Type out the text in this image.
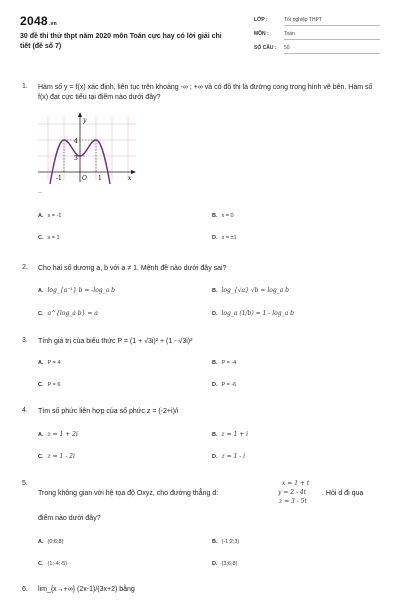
2048.vn
30 đề thi thử thpt năm 2020 môn Toán cực hay có lời giải chi tiết (đề số 7)
LỚP :	Tốt nghiệp THPT
MÔN :	Toán
SỐ CÂU :	50
1. Hàm số y = f(x) xác định, liên tục trên khoảng -∞ ; +∞ và có đồ thị là đường cong trong hình vẽ bên. Hàm số f(x) đạt cực tiểu tại điểm nào dưới đây?
y
x
O
4
3
-1	1
..
A. x = -1	B. x = 0
C. x = 1	D. x = ±1
2. Cho hai số dương a, b với a ≠ 1. Mệnh đề nào dưới đây sai?
A. log_{a⁻¹} b = -log_a b	B. log_{√a} √b = log_a b
C. a^{log_a b} = a	D. log_a (1/b) = 1 - log_a b
3. Tính giá trị của biểu thức P = (1 + √3i)² + (1 - √3i)²
A. P = 4	B. P = -4
C. P = 6	D. P = -6
4. Tìm số phức liên hợp của số phức z = (-2+i)/i
A. z = 1 + 2i	B. z = 1 + i
C. z = 1 - 2i	D. z = 1 - i
5.	x = 1 + t
y = 2 - 4t
z = 3 - 5t
Trong không gian với hệ tọa độ Oxyz, cho đường thẳng d:	. Hỏi d đi qua
điểm nào dưới đây?
A. (0;6;8)	B. (-1;2;3)
C. (1;-4;-5)	D. (3;6;8)
6. lim_{x→+∞} (2x-1)/(3x+2) bằng
